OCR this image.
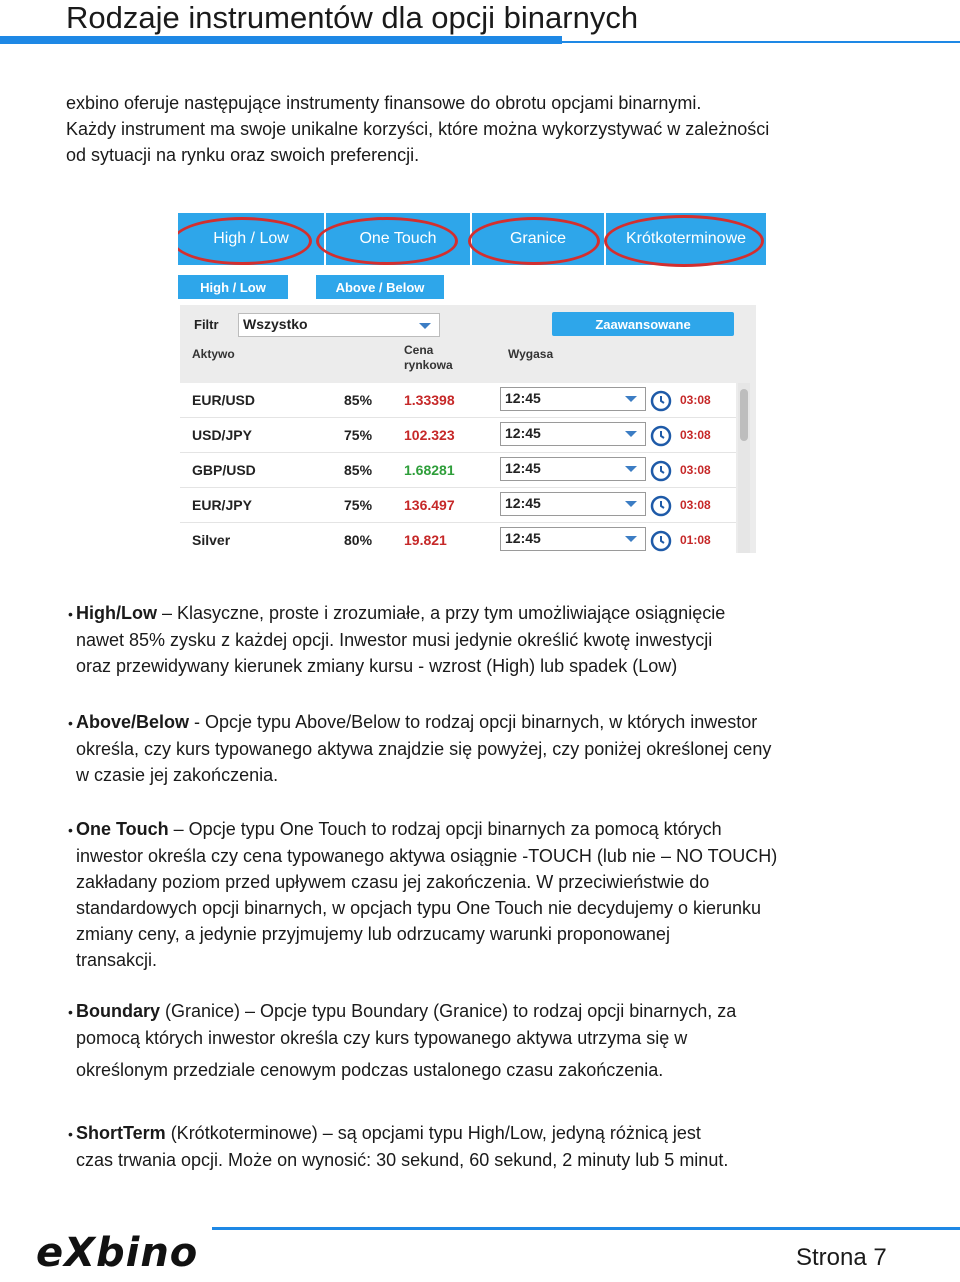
Rodzaje instrumentów dla opcji binarnych

exbino oferuje następujące instrumenty finansowe do obrotu opcjami binarnymi.
Każdy instrument ma swoje unikalne korzyści, które można wykorzystywać w zależności
od sytuacji na rynku oraz swoich preferencji.

High / Low	One Touch	Granice	Krótkoterminowe
High / Low	Above / Below
Filtr	Wszystko	Zaawansowane
Aktywo	Cena
rynkowa
Wygasa
EUR/USD	85% 1.33398	12:45	03:08
USD/JPY	75% 102.323	12:45	03:08
GBP/USD	85% 1.68281	12:45	03:08
EUR/JPY	75% 136.497	12:45	03:08
Silver	80% 19.821	12:45	01:08

• High/Low – Klasyczne, proste i zrozumiałe, a przy tym umożliwiające osiągnięcie
nawet 85% zysku z każdej opcji. Inwestor musi jedynie określić kwotę inwestycji
oraz przewidywany kierunek zmiany kursu - wzrost (High) lub spadek (Low)

• Above/Below - Opcje typu Above/Below to rodzaj opcji binarnych, w których inwestor
określa, czy kurs typowanego aktywa znajdzie się powyżej, czy poniżej określonej ceny
w czasie jej zakończenia.

• One Touch – Opcje typu One Touch to rodzaj opcji binarnych za pomocą których
inwestor określa czy cena typowanego aktywa osiągnie -TOUCH (lub nie – NO TOUCH)
zakładany poziom przed upływem czasu jej zakończenia. W przeciwieństwie do
standardowych opcji binarnych, w opcjach typu One Touch nie decydujemy o kierunku
zmiany ceny, a jedynie przyjmujemy lub odrzucamy warunki proponowanej
transakcji.

• Boundary (Granice) – Opcje typu Boundary (Granice) to rodzaj opcji binarnych, za
pomocą których inwestor określa czy kurs typowanego aktywa utrzyma się w
określonym przedziale cenowym podczas ustalonego czasu zakończenia.

• ShortTerm (Krótkoterminowe) – są opcjami typu High/Low, jedyną różnicą jest
czas trwania opcji. Może on wynosić: 30 sekund, 60 sekund, 2 minuty lub 5 minut.

eXbino	Strona 7
